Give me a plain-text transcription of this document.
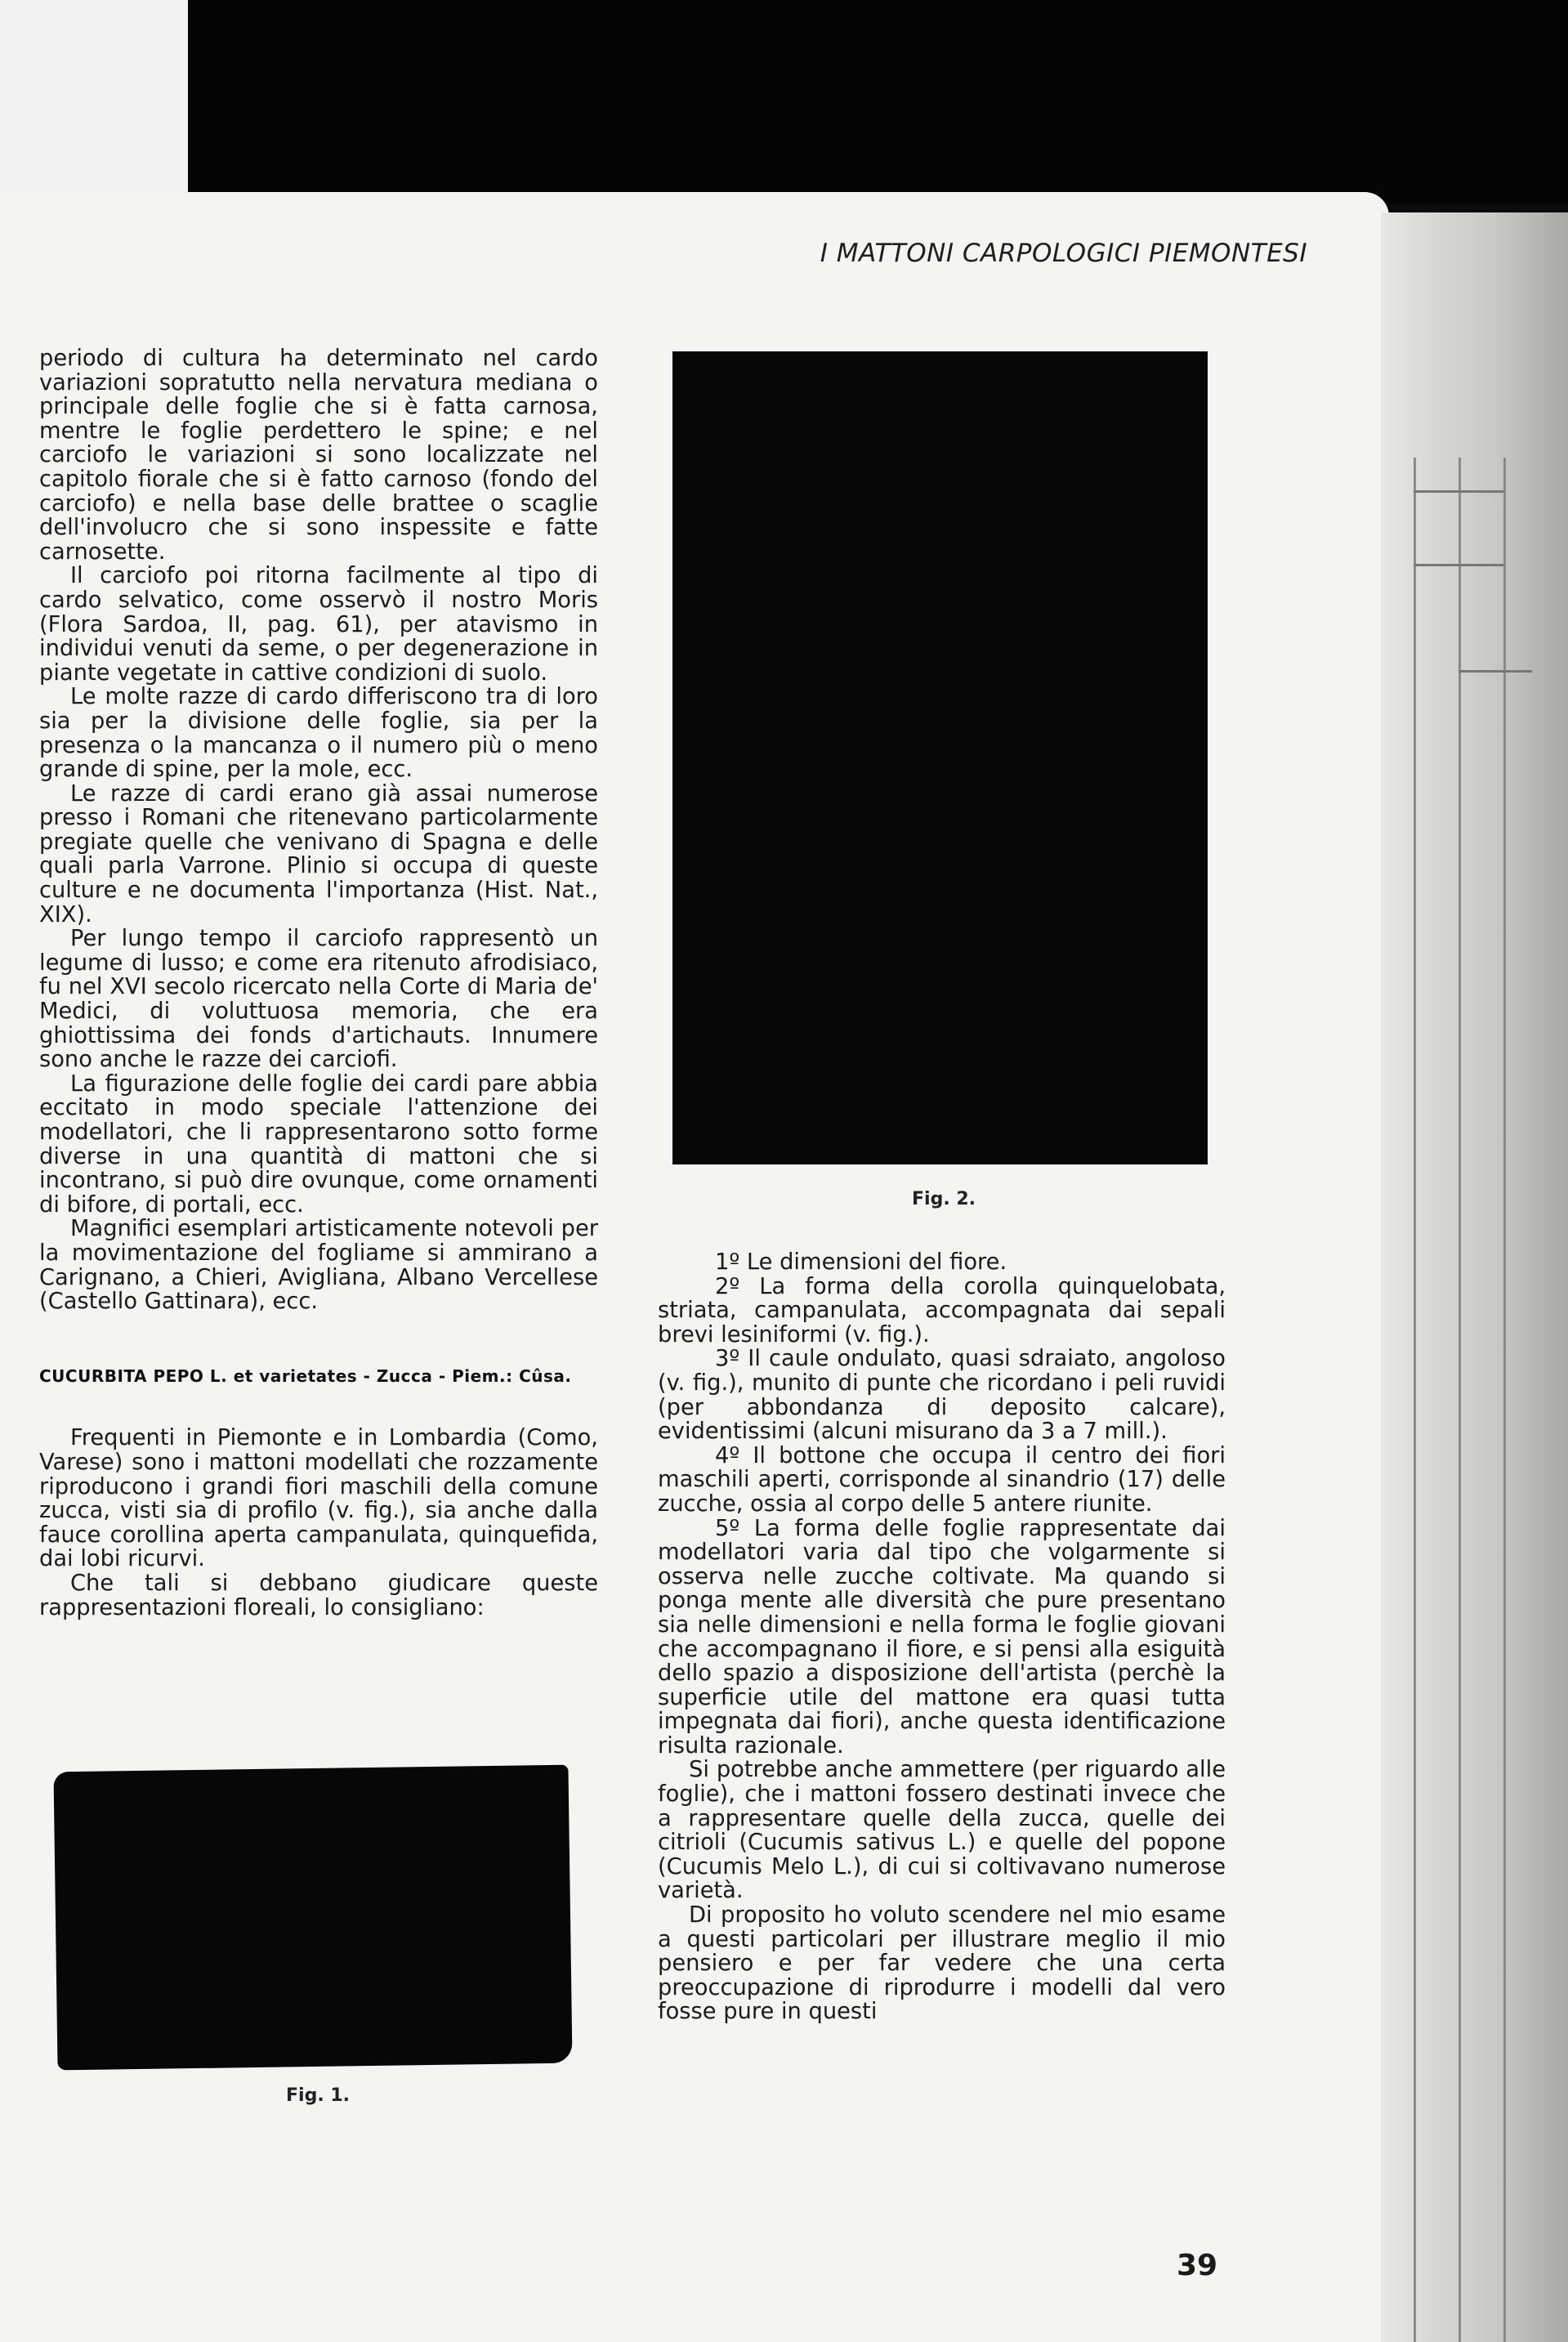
I MATTONI CARPOLOGICI PIEMONTESI

periodo di cultura ha determinato nel cardo variazioni sopratutto nella nervatura mediana o principale delle foglie che si è fatta carnosa, mentre le foglie perdettero le spine; e nel carciofo le variazioni si sono localizzate nel capitolo fiorale che si è fatto carnoso (fondo del carciofo) e nella base delle brattee o scaglie dell'involucro che si sono inspessite e fatte carnosette.

Il carciofo poi ritorna facilmente al tipo di cardo selvatico, come osservò il nostro Moris (Flora Sardoa, II, pag. 61), per atavismo in individui venuti da seme, o per degenerazione in piante vegetate in cattive condizioni di suolo.

Le molte razze di cardo differiscono tra di loro sia per la divisione delle foglie, sia per la presenza o la mancanza o il numero più o meno grande di spine, per la mole, ecc.

Le razze di cardi erano già assai numerose presso i Romani che ritenevano particolarmente pregiate quelle che venivano di Spagna e delle quali parla Varrone. Plinio si occupa di queste culture e ne documenta l'importanza (Hist. Nat., XIX).

Per lungo tempo il carciofo rappresentò un legume di lusso; e come era ritenuto afrodisiaco, fu nel XVI secolo ricercato nella Corte di Maria de' Medici, di voluttuosa memoria, che era ghiottissima dei fonds d'artichauts. Innumere sono anche le razze dei carciofi.

La figurazione delle foglie dei cardi pare abbia eccitato in modo speciale l'attenzione dei modellatori, che li rappresentarono sotto forme diverse in una quantità di mattoni che si incontrano, si può dire ovunque, come ornamenti di bifore, di portali, ecc.

Magnifici esemplari artisticamente notevoli per la movimentazione del fogliame si ammirano a Carignano, a Chieri, Avigliana, Albano Vercellese (Castello Gattinara), ecc.

CUCURBITA PEPO L. et varietates - Zucca - Piem.: Cûsa.

Frequenti in Piemonte e in Lombardia (Como, Varese) sono i mattoni modellati che rozzamente riproducono i grandi fiori maschili della comune zucca, visti sia di profilo (v. fig.), sia anche dalla fauce corollina aperta campanulata, quinquefida, dai lobi ricurvi.

Che tali si debbano giudicare queste rappresentazioni floreali, lo consigliano:

Fig. 2.
Fig. 1.

1º Le dimensioni del fiore.

2º La forma della corolla quinquelobata, striata, campanulata, accompagnata dai sepali brevi lesiniformi (v. fig.).

3º Il caule ondulato, quasi sdraiato, angoloso (v. fig.), munito di punte che ricordano i peli ruvidi (per abbondanza di deposito calcare), evidentissimi (alcuni misurano da 3 a 7 mill.).

4º Il bottone che occupa il centro dei fiori maschili aperti, corrisponde al sinandrio (17) delle zucche, ossia al corpo delle 5 antere riunite.

5º La forma delle foglie rappresentate dai modellatori varia dal tipo che volgarmente si osserva nelle zucche coltivate. Ma quando si ponga mente alle diversità che pure presentano sia nelle dimensioni e nella forma le foglie giovani che accompagnano il fiore, e si pensi alla esiguità dello spazio a disposizione dell'artista (perchè la superficie utile del mattone era quasi tutta impegnata dai fiori), anche questa identificazione risulta razionale.

Si potrebbe anche ammettere (per riguardo alle foglie), che i mattoni fossero destinati invece che a rappresentare quelle della zucca, quelle dei citrioli (Cucumis sativus L.) e quelle del popone (Cucumis Melo L.), di cui si coltivavano numerose varietà.

Di proposito ho voluto scendere nel mio esame a questi particolari per illustrare meglio il mio pensiero e per far vedere che una certa preoccupazione di riprodurre i modelli dal vero fosse pure in questi

39
